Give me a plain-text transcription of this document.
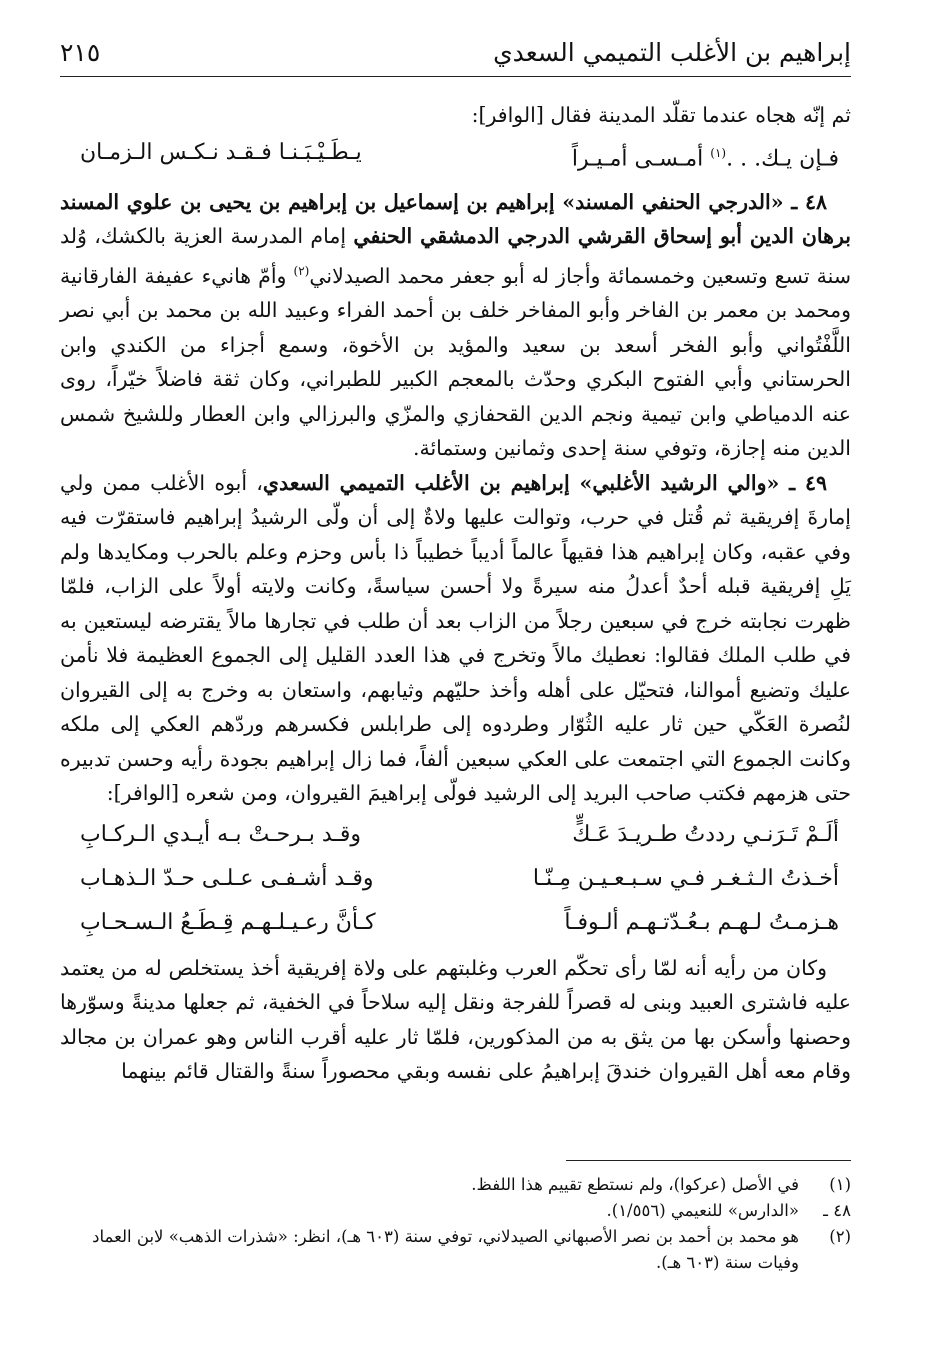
إبراهيم بن الأغلب التميمي السعدي
٢١٥

ثم إنّه هجاه عندما تقلّد المدينة فقال [الوافر]:

فـإن يـك. . .$^{(١)}$ أمـسـى أمـيـراً
يـطَـيْـبَـنـا فـقـد نـكـس الـزمـان

٤٨ ـ «الدرجي الحنفي المسند» إبراهيم بن إسماعيل بن إبراهيم بن يحيى بن علوي المسند برهان الدين أبو إسحاق القرشي الدرجي الدمشقي الحنفي إمام المدرسة العزية بالكشك، وُلد سنة تسع وتسعين وخمسمائة وأجاز له أبو جعفر محمد الصيدلاني$^{(٢)}$ وأمّ هانيء عفيفة الفارقانية ومحمد بن معمر بن الفاخر وأبو المفاخر خلف بن أحمد الفراء وعبيد الله بن محمد بن أبي نصر اللَّفْتُواني وأبو الفخر أسعد بن سعيد والمؤيد بن الأخوة، وسمع أجزاء من الكندي وابن الحرستاني وأبي الفتوح البكري وحدّث بالمعجم الكبير للطبراني، وكان ثقة فاضلاً خيّراً، روى عنه الدمياطي وابن تيمية ونجم الدين القحفازي والمزّي والبرزالي وابن العطار وللشيخ شمس الدين منه إجازة، وتوفي سنة إحدى وثمانين وستمائة.

٤٩ ـ «والي الرشيد الأغلبي» إبراهيم بن الأغلب التميمي السعدي، أبوه الأغلب ممن ولي إمارةَ إفريقية ثم قُتل في حرب، وتوالت عليها ولاةٌ إلى أن ولّى الرشيدُ إبراهيم فاستقرّت فيه وفي عقبه، وكان إبراهيم هذا فقيهاً عالماً أديباً خطيباً ذا بأس وحزم وعلم بالحرب ومكايدها ولم يَلِ إفريقية قبله أحدٌ أعدلُ منه سيرةً ولا أحسن سياسةً، وكانت ولايته أولاً على الزاب، فلمّا ظهرت نجابته خرج في سبعين رجلاً من الزاب بعد أن طلب في تجارها مالاً يقترضه ليستعين به في طلب الملك فقالوا: نعطيك مالاً وتخرج في هذا العدد القليل إلى الجموع العظيمة فلا نأمن عليك وتضيع أموالنا، فتحيّل على أهله وأخذ حليّهم وثيابهم، واستعان به وخرج به إلى القيروان لنُصرة العَكّي حين ثار عليه الثُوّار وطردوه إلى طرابلس فكسرهم وردّهم العكي إلى ملكه وكانت الجموع التي اجتمعت على العكي سبعين ألفاً، فما زال إبراهيم بجودة رأيه وحسن تدبيره حتى هزمهم فكتب صاحب البريد إلى الرشيد فولّى إبراهيمَ القيروان، ومن شعره [الوافر]:

ألَـمْ تَـرَنـي رددتُ طـريـدَ عَـكٍّ
وقـد بـرحـتْ بـه أيـدي الـركـابِ
أخـذتُ الـثـغـر فـي سـبـعـيـن مِـنّـا
وقـد أشـفـى عـلـى حـدّ الـذهـاب
هـزمـتُ لـهـم بـعُـدّتـهـم ألـوفـاً
كـأنَّ رعـيـلـهـم قِـطَـعُ الـسـحـابِ

وكان من رأيه أنه لمّا رأى تحكّم العرب وغلبتهم على ولاة إفريقية أخذ يستخلص له من يعتمد عليه فاشترى العبيد وبنى له قصراً للفرجة ونقل إليه سلاحاً في الخفية، ثم جعلها مدينةً وسوّرها وحصنها وأسكن بها من يثق به من المذكورين، فلمّا ثار عليه أقرب الناس وهو عمران بن مجالد وقام معه أهل القيروان خندقَ إبراهيمُ على نفسه وبقي محصوراً سنةً والقتال قائم بينهما

(١)
في الأصل (عركوا)، ولم نستطع تقييم هذا اللفظ.

٤٨ ـ
«الدارس» للنعيمي (١/٥٥٦).

(٢)
هو محمد بن أحمد بن نصر الأصبهاني الصيدلاني، توفي سنة (٦٠٣ هـ)، انظر: «شذرات الذهب» لابن العماد وفيات سنة (٦٠٣ هـ).
